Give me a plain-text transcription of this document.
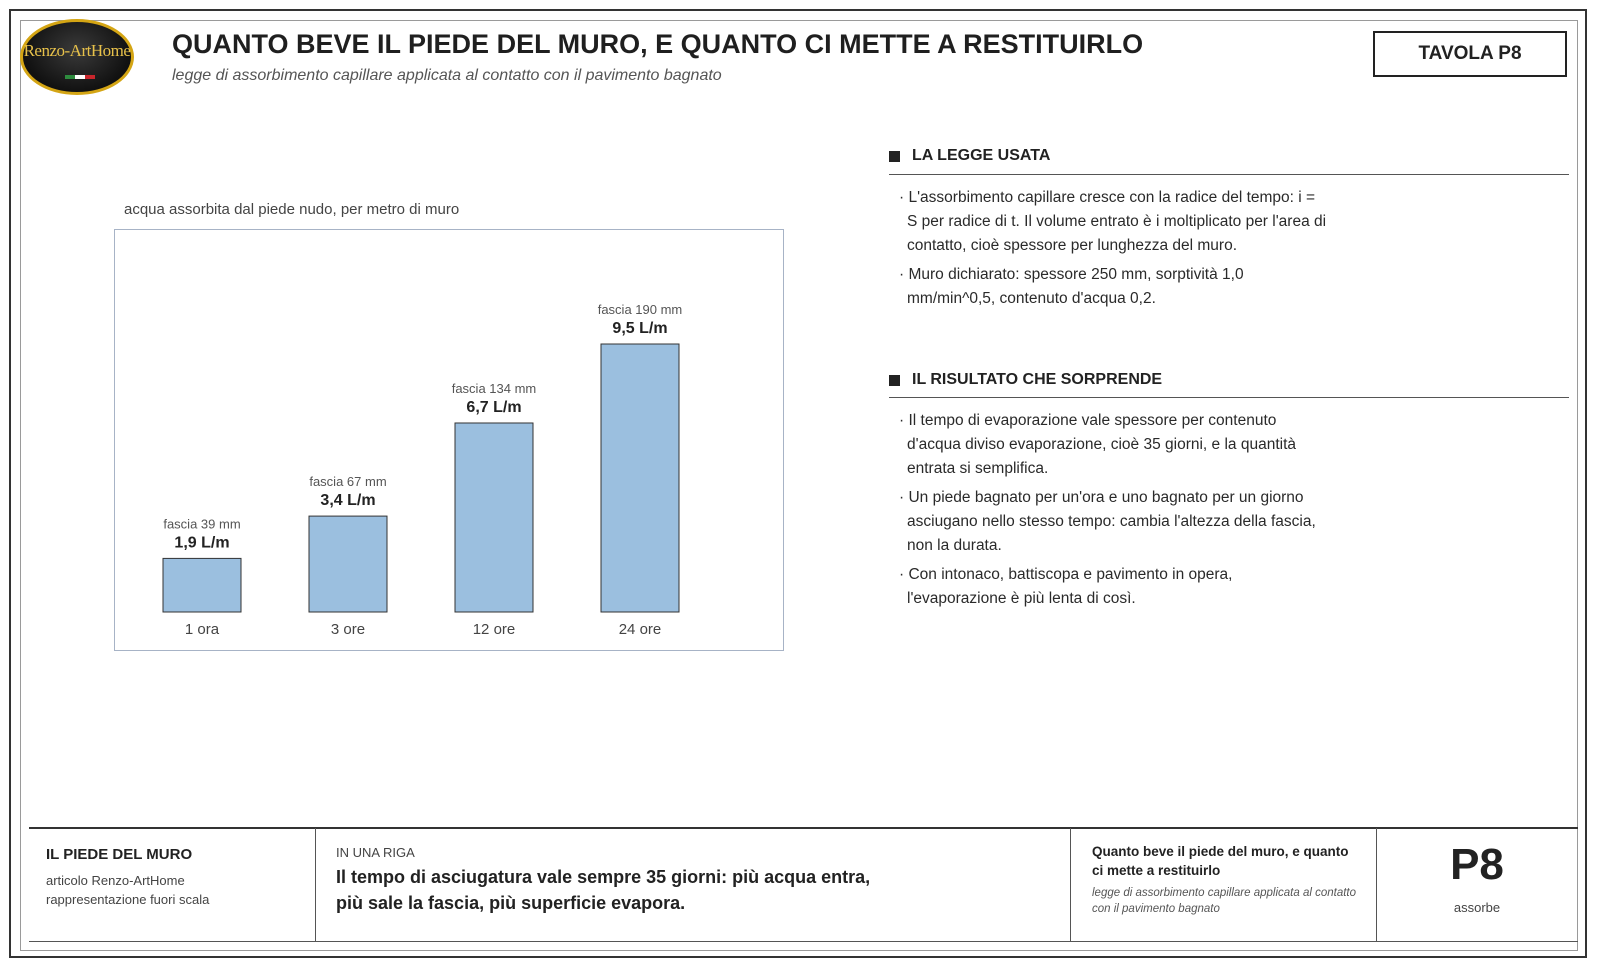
Renzo-ArtHome QUANTO BEVE IL PIEDE DEL MURO, E QUANTO CI METTE A RESTITUIRLO
legge di assorbimento capillare applicata al contatto con il pavimento bagnato
TAVOLA P8
acqua assorbita dal piede nudo, per metro di muro
fascia 39 mm
1,9 L/m
1 ora
fascia 67 mm
3,4 L/m
3 ore
fascia 134 mm
6,7 L/m
12 ore
fascia 190 mm
9,5 L/m
24 ore
LA LEGGE USATA
· L'assorbimento capillare cresce con la radice del tempo: i = S per radice di t. Il volume entrato è i moltiplicato per l'area di contatto, cioè spessore per lunghezza del muro.
· Muro dichiarato: spessore 250 mm, sorptività 1,0 mm/min^0,5, contenuto d'acqua 0,2.
IL RISULTATO CHE SORPRENDE
· Il tempo di evaporazione vale spessore per contenuto d'acqua diviso evaporazione, cioè 35 giorni, e la quantità entrata si semplifica.
· Un piede bagnato per un'ora e uno bagnato per un giorno asciugano nello stesso tempo: cambia l'altezza della fascia, non la durata.
· Con intonaco, battiscopa e pavimento in opera, l'evaporazione è più lenta di così.
IL PIEDE DEL MURO
articolo Renzo-ArtHome
rappresentazione fuori scala
IN UNA RIGA
Il tempo di asciugatura vale sempre 35 giorni: più acqua entra, più sale la fascia, più superficie evapora.
Quanto beve il piede del muro, e quanto ci mette a restituirlo
legge di assorbimento capillare applicata al contatto con il pavimento bagnato
P8
assorbe
